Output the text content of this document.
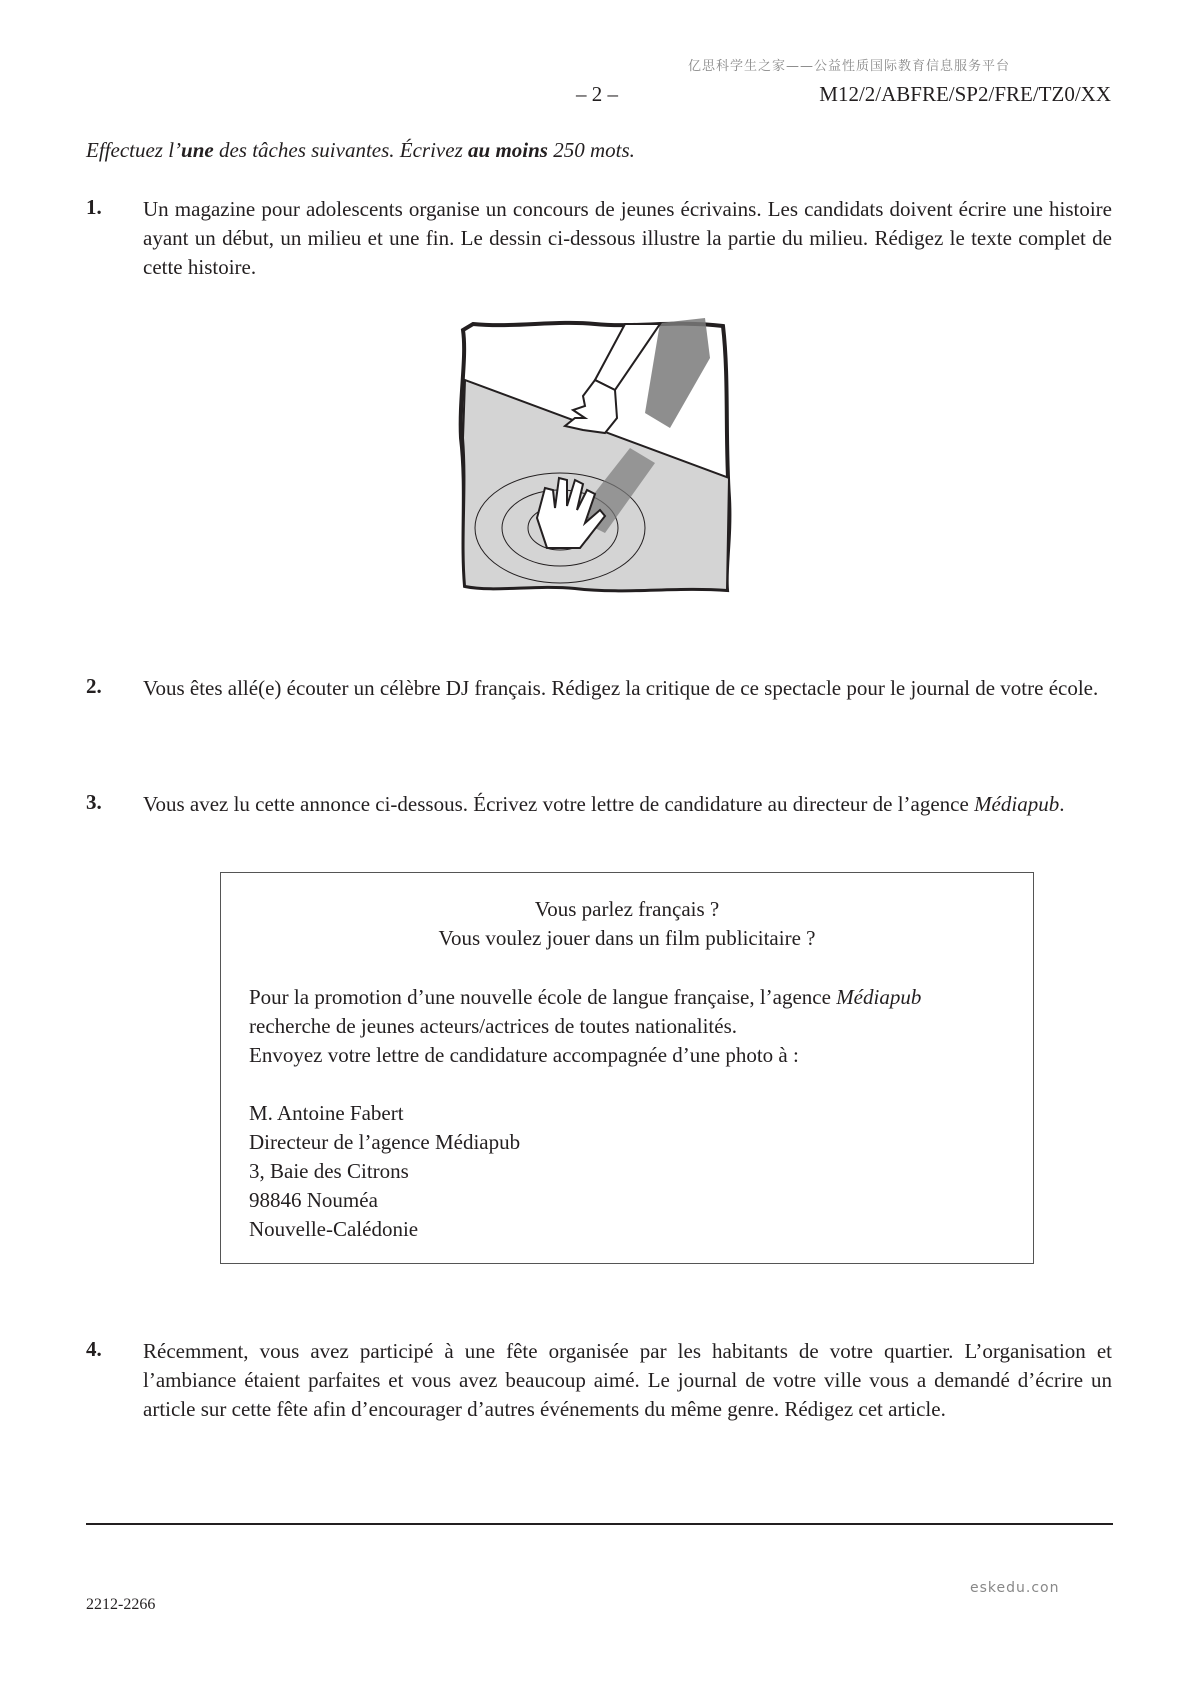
亿思科学生之家——公益性质国际教育信息服务平台
– 2 –	M12/2/ABFRE/SP2/FRE/TZ0/XX
Effectuez l’une des tâches suivantes. Écrivez au moins 250 mots.
1. Un magazine pour adolescents organise un concours de jeunes écrivains. Les candidats doivent écrire une histoire ayant un début, un milieu et une fin. Le dessin ci-dessous illustre la partie du milieu. Rédigez le texte complet de cette histoire.
2. Vous êtes allé(e) écouter un célèbre DJ français. Rédigez la critique de ce spectacle pour le journal de votre école.
3. Vous avez lu cette annonce ci-dessous. Écrivez votre lettre de candidature au directeur de l’agence Médiapub.
Vous parlez français ?
Vous voulez jouer dans un film publicitaire ?
Pour la promotion d’une nouvelle école de langue française, l’agence Médiapub
recherche de jeunes acteurs/actrices de toutes nationalités.
Envoyez votre lettre de candidature accompagnée d’une photo à :
M. Antoine Fabert
Directeur de l’agence Médiapub
3, Baie des Citrons
98846 Nouméa
Nouvelle-Calédonie
4. Récemment, vous avez participé à une fête organisée par les habitants de votre quartier. L’organisation et l’ambiance étaient parfaites et vous avez beaucoup aimé. Le journal de votre ville vous a demandé d’écrire un article sur cette fête afin d’encourager d’autres événements du même genre. Rédigez cet article.
2212-2266
eskedu.con
